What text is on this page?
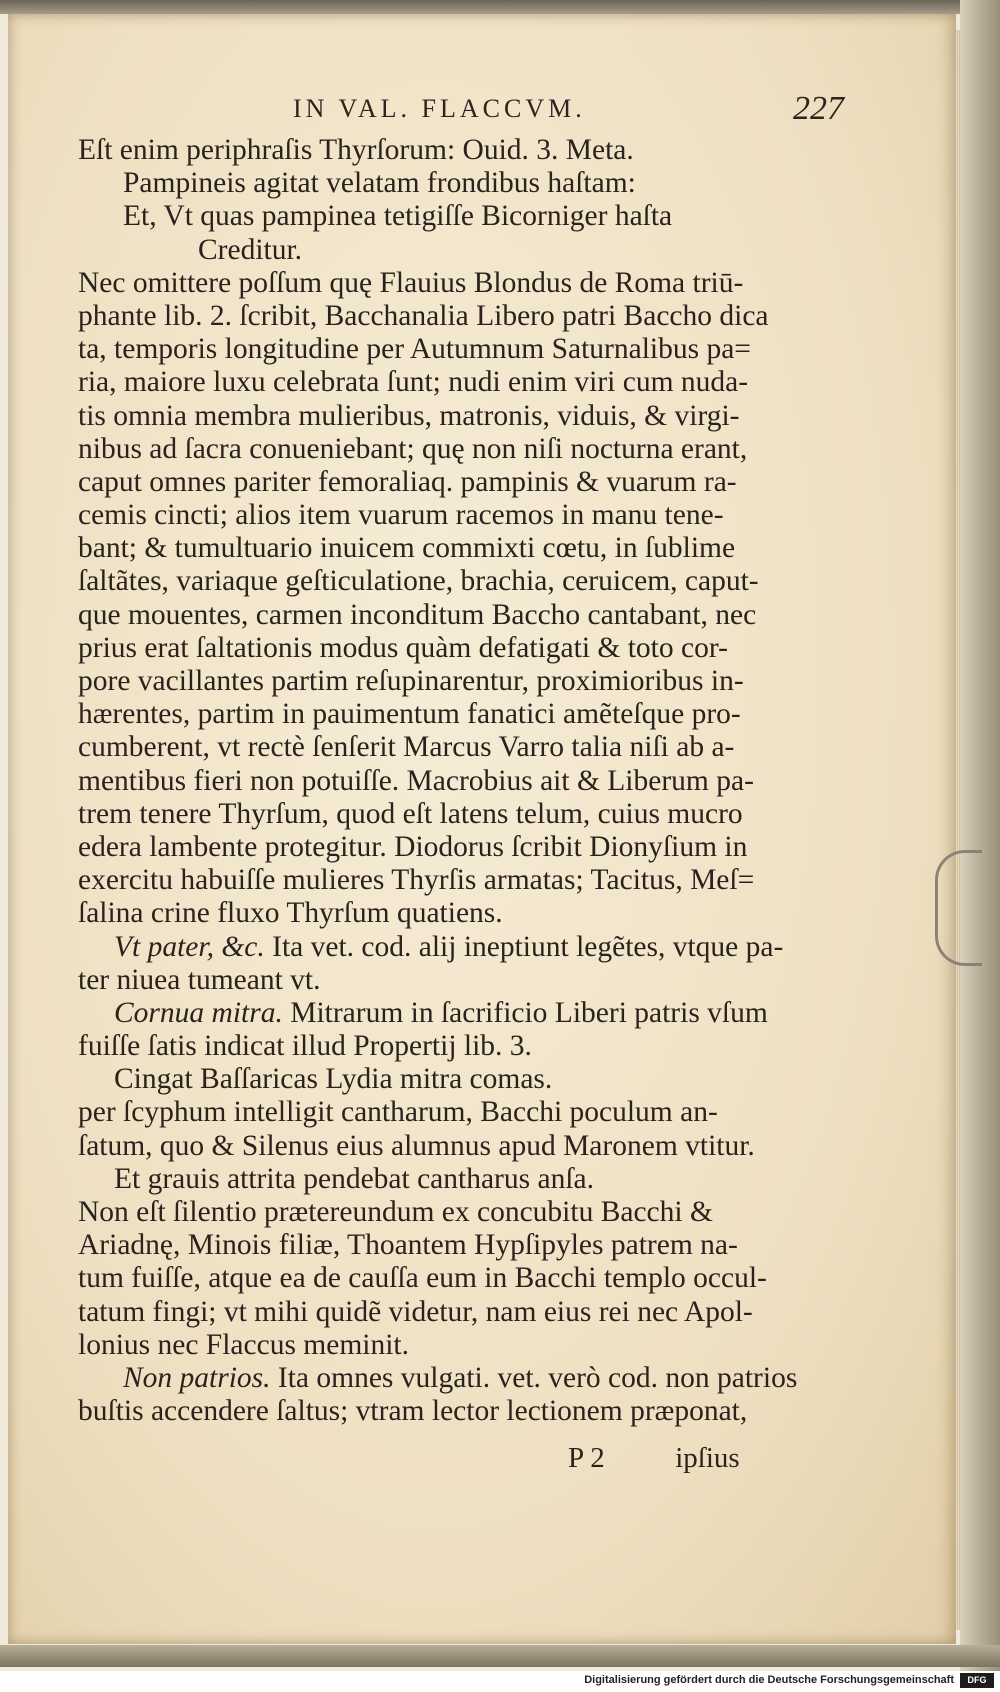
IN VAL. FLACCVM.	227
Eſt enim periphraſis Thyrſorum: Ouid. 3. Meta.
Pampineis agitat velatam frondibus haſtam:
Et, Vt quas pampinea tetigiſſe Bicorniger haſta
Creditur.
Nec omittere poſſum quę Flauius Blondus de Roma triū-
phante lib. 2. ſcribit, Bacchanalia Libero patri Baccho dica
ta, temporis longitudine per Autumnum Saturnalibus pa=
ria, maiore luxu celebrata ſunt; nudi enim viri cum nuda-
tis omnia membra mulieribus, matronis, viduis, & virgi-
nibus ad ſacra conueniebant; quę non niſi nocturna erant,
caput omnes pariter femoraliaq. pampinis & vuarum ra-
cemis cincti; alios item vuarum racemos in manu tene-
bant; & tumultuario inuicem commixti cœtu, in ſublime
ſaltãtes, variaque geſticulatione, brachia, ceruicem, caput-
que mouentes, carmen inconditum Baccho cantabant, nec
prius erat ſaltationis modus quàm defatigati & toto cor-
pore vacillantes partim reſupinarentur, proximioribus in-
hærentes, partim in pauimentum fanatici amẽteſque pro-
cumberent, vt rectè ſenſerit Marcus Varro talia niſi ab a-
mentibus fieri non potuiſſe. Macrobius ait & Liberum pa-
trem tenere Thyrſum, quod eſt latens telum, cuius mucro
edera lambente protegitur. Diodorus ſcribit Dionyſium in
exercitu habuiſſe mulieres Thyrſis armatas; Tacitus, Meſ=
ſalina crine fluxo Thyrſum quatiens.
Vt pater, &c. Ita vet. cod. alij ineptiunt legẽtes, vtque pa-
ter niuea tumeant vt.
Cornua mitra. Mitrarum in ſacrificio Liberi patris vſum
fuiſſe ſatis indicat illud Propertij lib. 3.
Cingat Baſſaricas Lydia mitra comas.
per ſcyphum intelligit cantharum, Bacchi poculum an-
ſatum, quo & Silenus eius alumnus apud Maronem vtitur.
Et grauis attrita pendebat cantharus anſa.
Non eſt ſilentio prætereundum ex concubitu Bacchi &
Ariadnę, Minois filiæ, Thoantem Hypſipyles patrem na-
tum fuiſſe, atque ea de cauſſa eum in Bacchi templo occul-
tatum fingi; vt mihi quidẽ videtur, nam eius rei nec Apol-
lonius nec Flaccus meminit.
Non patrios. Ita omnes vulgati. vet. verò cod. non patrios
buſtis accendere ſaltus; vtram lector lectionem præponat,
P 2 ipſius
Digitalisierung gefördert durch die Deutsche Forschungsgemeinschaft	DFG
